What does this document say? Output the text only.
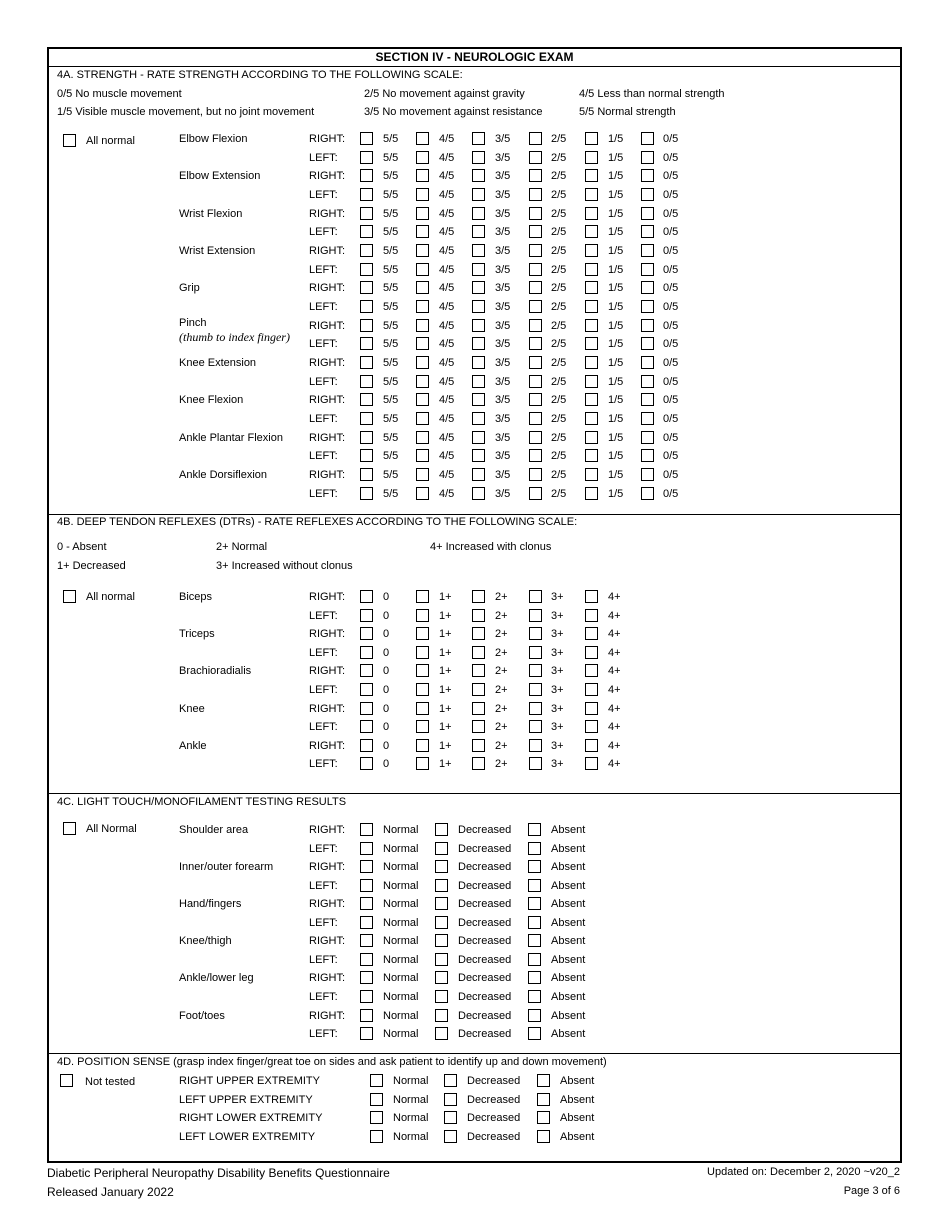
SECTION IV - NEUROLOGIC EXAM
4A. STRENGTH - RATE STRENGTH ACCORDING TO THE FOLLOWING SCALE:
0/5 No muscle movement
1/5 Visible muscle movement, but no joint movement
2/5 No movement against gravity
3/5 No movement against resistance
4/5 Less than normal strength
5/5 Normal strength
All normal	Elbow Flexion	RIGHT:	5/5	4/5	3/5	2/5	1/5	0/5
LEFT:	5/5	4/5	3/5	2/5	1/5	0/5
Elbow Extension	RIGHT:	5/5	4/5	3/5	2/5	1/5	0/5
LEFT:	5/5	4/5	3/5	2/5	1/5	0/5
Wrist Flexion	RIGHT:	5/5	4/5	3/5	2/5	1/5	0/5
LEFT:	5/5	4/5	3/5	2/5	1/5	0/5
Wrist Extension	RIGHT:	5/5	4/5	3/5	2/5	1/5	0/5
LEFT:	5/5	4/5	3/5	2/5	1/5	0/5
Grip	RIGHT:	5/5	4/5	3/5	2/5	1/5	0/5
LEFT:	5/5	4/5	3/5	2/5	1/5	0/5
Pinch
(thumb to index finger)
RIGHT:	5/5	4/5	3/5	2/5	1/5	0/5
LEFT:	5/5	4/5	3/5	2/5	1/5	0/5
Knee Extension	RIGHT:	5/5	4/5	3/5	2/5	1/5	0/5
LEFT:	5/5	4/5	3/5	2/5	1/5	0/5
Knee Flexion	RIGHT:	5/5	4/5	3/5	2/5	1/5	0/5
LEFT:	5/5	4/5	3/5	2/5	1/5	0/5
Ankle Plantar Flexion RIGHT:	5/5	4/5	3/5	2/5	1/5	0/5
LEFT:	5/5	4/5	3/5	2/5	1/5	0/5
Ankle Dorsiflexion	RIGHT:	5/5	4/5	3/5	2/5	1/5	0/5
LEFT:	5/5	4/5	3/5	2/5	1/5	0/5
4B. DEEP TENDON REFLEXES (DTRs) - RATE REFLEXES ACCORDING TO THE FOLLOWING SCALE:
0 - Absent
1+ Decreased
2+ Normal
3+ Increased without clonus
4+ Increased with clonus
All normal	Biceps	RIGHT:	0	1+	2+	3+	4+
LEFT:	0	1+	2+	3+	4+
Triceps	RIGHT:	0	1+	2+	3+	4+
LEFT:	0	1+	2+	3+	4+
Brachioradialis	RIGHT:	0	1+	2+	3+	4+
LEFT:	0	1+	2+	3+	4+
Knee	RIGHT:	0	1+	2+	3+	4+
LEFT:	0	1+	2+	3+	4+
Ankle	RIGHT:	0	1+	2+	3+	4+
LEFT:	0	1+	2+	3+	4+
4C. LIGHT TOUCH/MONOFILAMENT TESTING RESULTS
All Normal	Shoulder area	RIGHT:	Normal	Decreased	Absent
LEFT:	Normal	Decreased	Absent
Inner/outer forearm	RIGHT:	Normal	Decreased	Absent
LEFT:	Normal	Decreased	Absent
Hand/fingers	RIGHT:	Normal	Decreased	Absent
LEFT:	Normal	Decreased	Absent
Knee/thigh	RIGHT:	Normal	Decreased	Absent
LEFT:	Normal	Decreased	Absent
Ankle/lower leg	RIGHT:	Normal	Decreased	Absent
LEFT:	Normal	Decreased	Absent
Foot/toes	RIGHT:	Normal	Decreased	Absent
LEFT:	Normal	Decreased	Absent
4D. POSITION SENSE (grasp index finger/great toe on sides and ask patient to identify up and down movement)
Not tested	RIGHT UPPER EXTREMITY	Normal	Decreased	Absent
LEFT UPPER EXTREMITY	Normal	Decreased	Absent
RIGHT LOWER EXTREMITY	Normal	Decreased	Absent
LEFT LOWER EXTREMITY	Normal	Decreased	Absent
Diabetic Peripheral Neuropathy Disability Benefits Questionnaire
Released January 2022
Updated on: December 2, 2020 ~v20_2
Page 3 of 6
